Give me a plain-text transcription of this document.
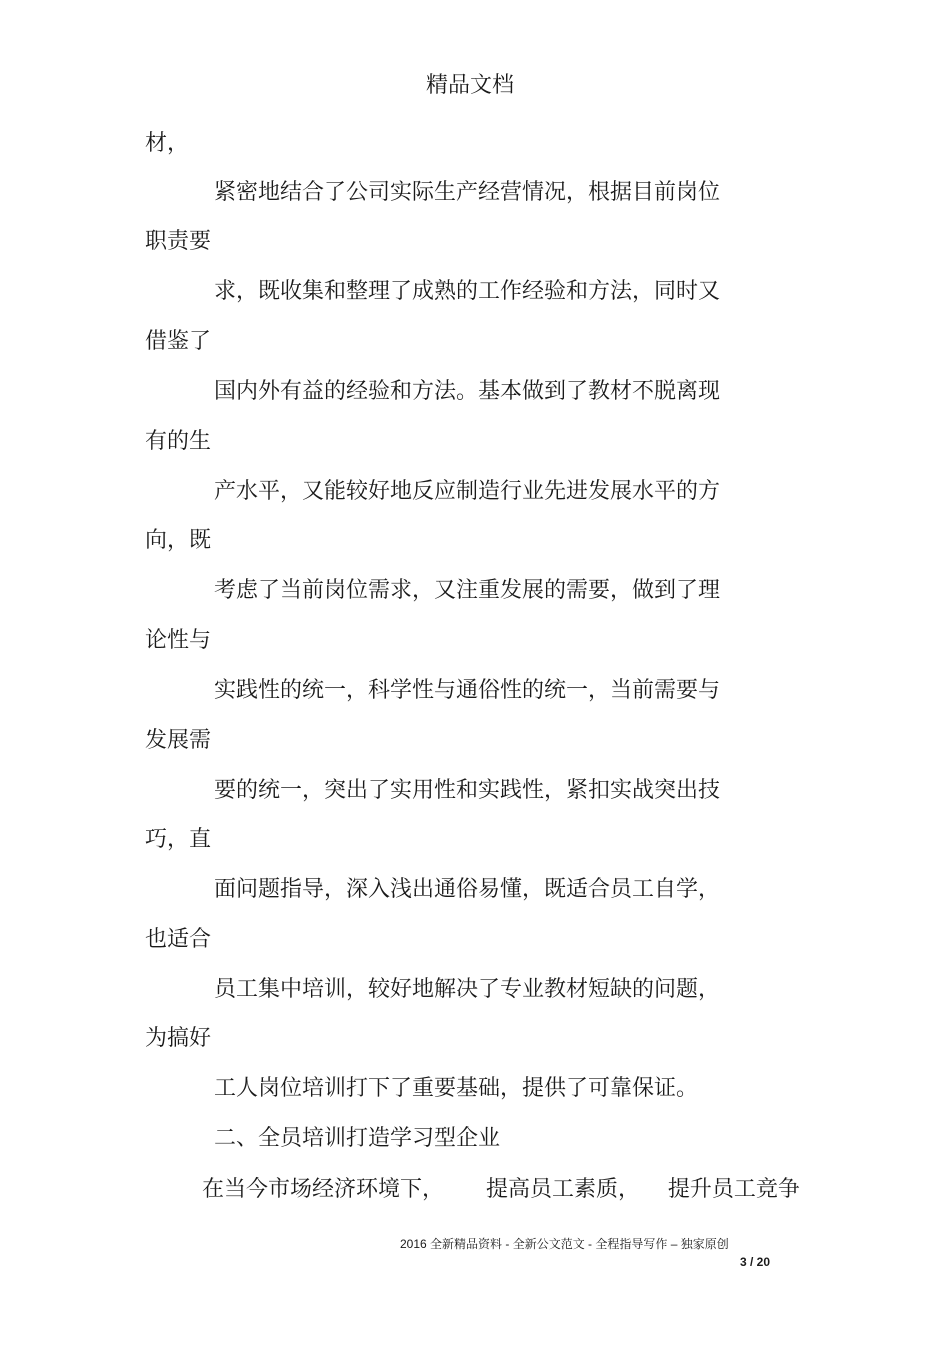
精品文档
材，
紧密地结合了公司实际生产经营情况，根据目前岗位
职责要
求，既收集和整理了成熟的工作经验和方法，同时又
借鉴了
国内外有益的经验和方法。基本做到了教材不脱离现
有的生
产水平，又能较好地反应制造行业先进发展水平的方
向，既
考虑了当前岗位需求，又注重发展的需要，做到了理
论性与
实践性的统一，科学性与通俗性的统一，当前需要与
发展需
要的统一，突出了实用性和实践性，紧扣实战突出技
巧，直
面问题指导，深入浅出通俗易懂，既适合员工自学，
也适合
员工集中培训，较好地解决了专业教材短缺的问题，
为搞好
工人岗位培训打下了重要基础，提供了可靠保证。
二、全员培训打造学习型企业
在当今市场经济环境下，      提高员工素质，    提升员工竞争
2016 全新精品资料 - 全新公文范文 - 全程指导写作 – 独家原创
3 / 20
